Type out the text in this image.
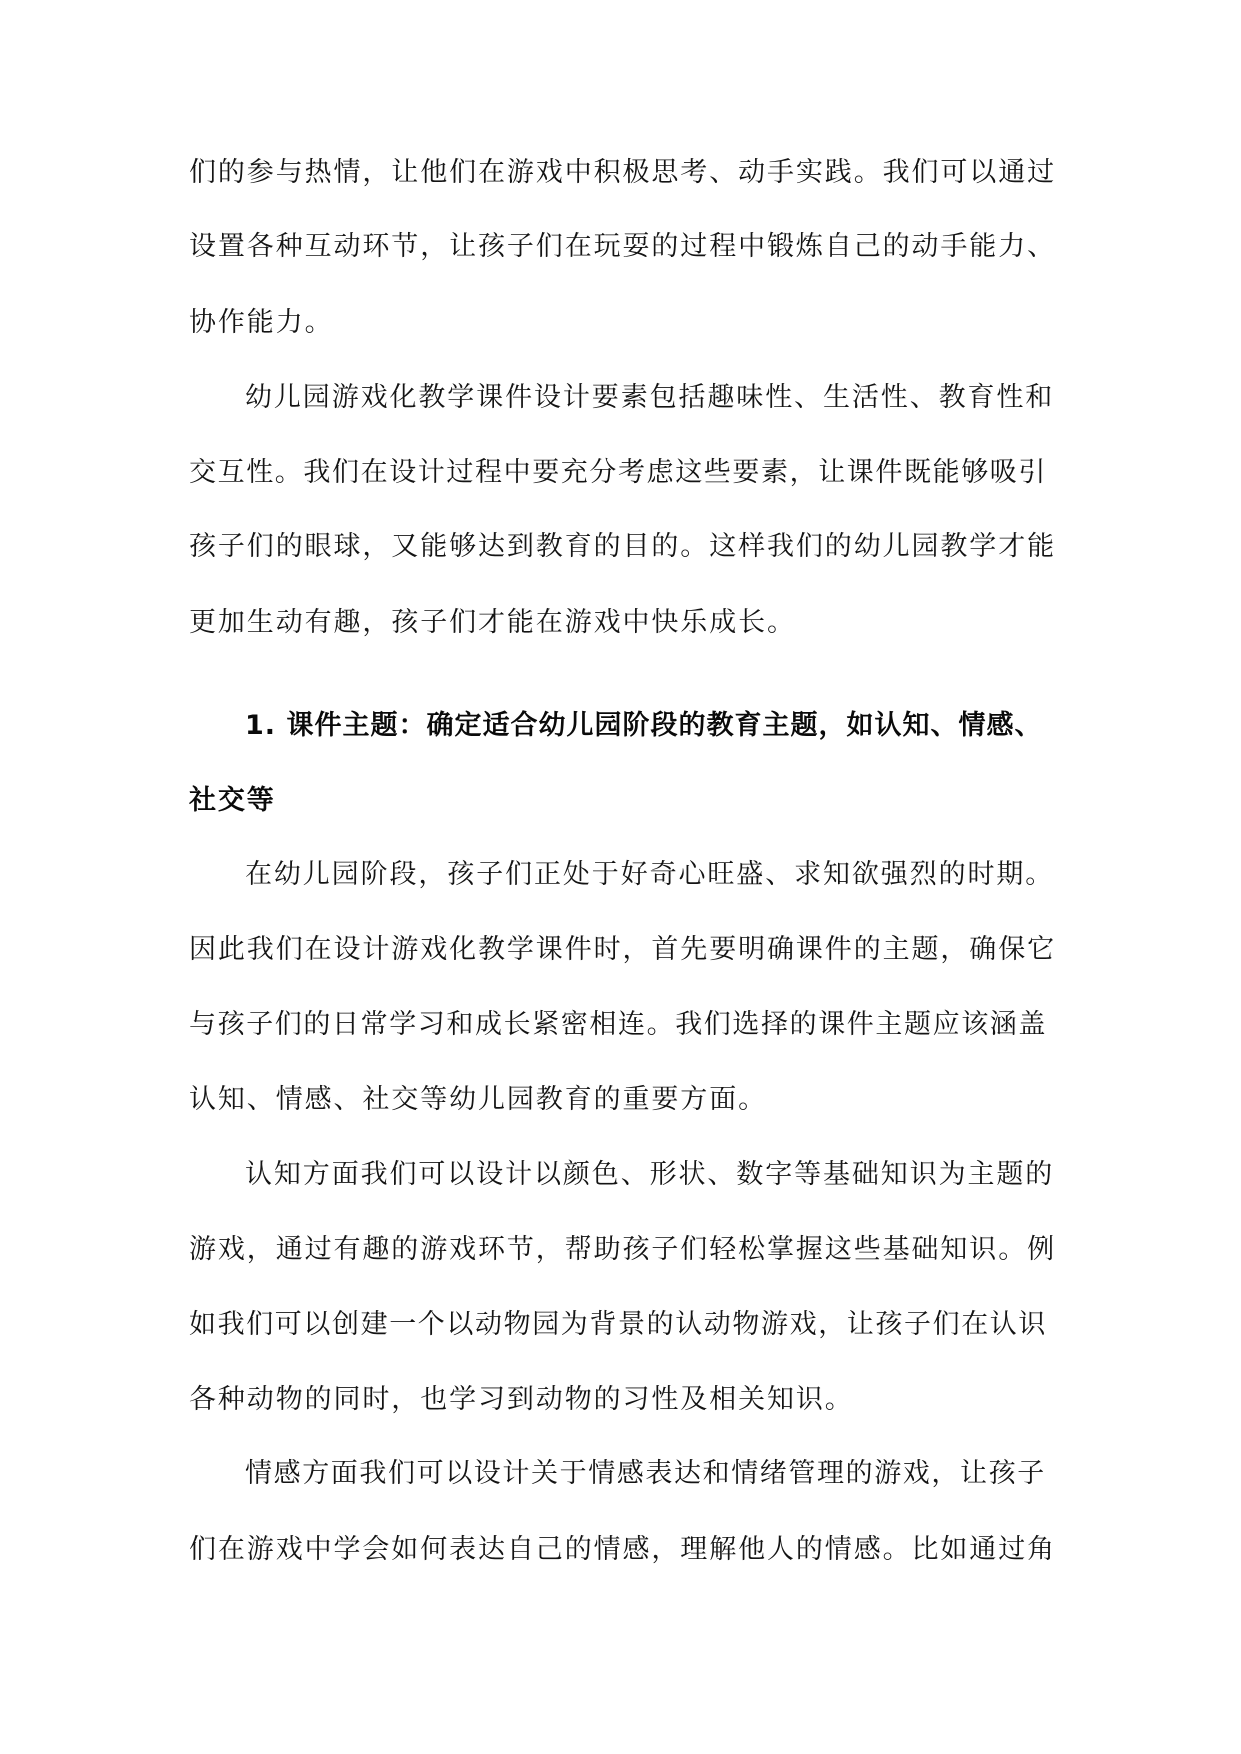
们的参与热情，让他们在游戏中积极思考、动手实践。我们可以通过
设置各种互动环节，让孩子们在玩耍的过程中锻炼自己的动手能力、
协作能力。
幼儿园游戏化教学课件设计要素包括趣味性、生活性、教育性和
交互性。我们在设计过程中要充分考虑这些要素，让课件既能够吸引
孩子们的眼球，又能够达到教育的目的。这样我们的幼儿园教学才能
更加生动有趣，孩子们才能在游戏中快乐成长。
1. 课件主题：确定适合幼儿园阶段的教育主题，如认知、情感、
社交等
在幼儿园阶段，孩子们正处于好奇心旺盛、求知欲强烈的时期。
因此我们在设计游戏化教学课件时，首先要明确课件的主题，确保它
与孩子们的日常学习和成长紧密相连。我们选择的课件主题应该涵盖
认知、情感、社交等幼儿园教育的重要方面。
认知方面我们可以设计以颜色、形状、数字等基础知识为主题的
游戏，通过有趣的游戏环节，帮助孩子们轻松掌握这些基础知识。例
如我们可以创建一个以动物园为背景的认动物游戏，让孩子们在认识
各种动物的同时，也学习到动物的习性及相关知识。
情感方面我们可以设计关于情感表达和情绪管理的游戏，让孩子
们在游戏中学会如何表达自己的情感，理解他人的情感。比如通过角
